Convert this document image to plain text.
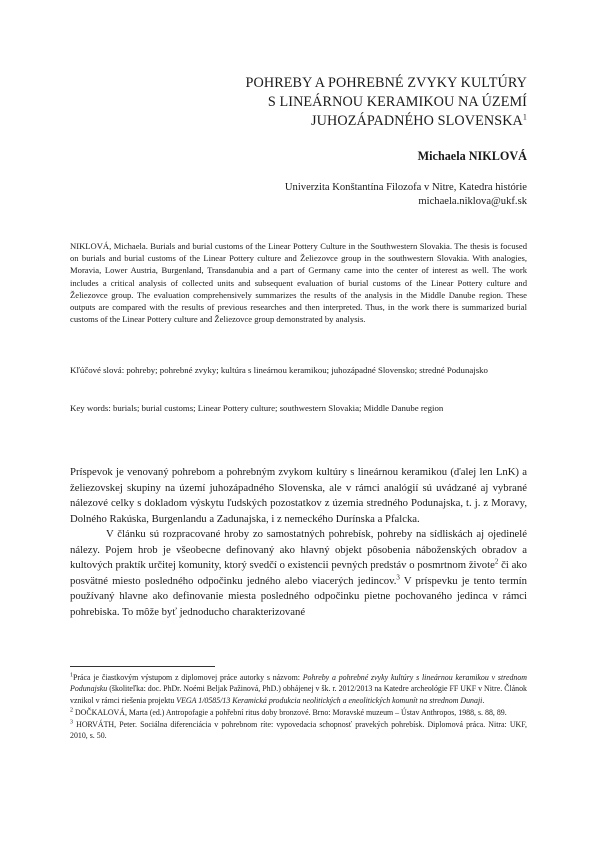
POHREBY A POHREBNÉ ZVYKY KULTÚRY
S LINEÁRNOU KERAMIKOU NA ÚZEMÍ
JUHOZÁPADNÉHO SLOVENSKA$^1$
Michaela NIKLOVÁ
Univerzita Konštantína Filozofa v Nitre, Katedra histórie
michaela.niklova@ukf.sk
NIKLOVÁ, Michaela. Burials and burial customs of the Linear Pottery Culture in the Southwestern Slovakia. The thesis is focused on burials and burial customs of the Linear Pottery culture and Želiezovce group in the southwestern Slovakia. With analogies, Moravia, Lower Austria, Burgenland, Transdanubia and a part of Germany came into the center of interest as well. The work includes a critical analysis of collected units and subsequent evaluation of burial customs of the Linear Pottery culture and Želiezovce group. The evaluation comprehensively summarizes the results of the analysis in the Middle Danube region. These outputs are compared with the results of previous researches and then interpreted. Thus, in the work there is summarized burial customs of the Linear Pottery culture and Želiezovce group demonstrated by analysis.
Kľúčové slová: pohreby; pohrebné zvyky; kultúra s lineárnou keramikou; juhozápadné Slovensko; stredné Podunajsko
Key words: burials; burial customs; Linear Pottery culture; southwestern Slovakia; Middle Danube region

Príspevok je venovaný pohrebom a pohrebným zvykom kultúry s lineárnou keramikou (ďalej len LnK) a želiezovskej skupiny na území juhozápadného Slovenska, ale v rámci analógií sú uvádzané aj vybrané nálezové celky s dokladom výskytu ľudských pozostatkov z územia stredného Podunajska, t. j. z Moravy, Dolného Rakúska, Burgenlandu a Zadunajska, i z nemeckého Durínska a Pfalcka.

V článku sú rozpracované hroby zo samostatných pohrebísk, pohreby na sídliskách aj ojedinelé nálezy. Pojem hrob je všeobecne definovaný ako hlavný objekt pôsobenia náboženských obradov a kultových praktík určitej komunity, ktorý svedčí o existencii pevných predstáv o posmrtnom živote$^2$ či ako posvätné miesto posledného odpočinku jedného alebo viacerých jedincov.$^3$ V príspevku je tento termín používaný hlavne ako definovanie miesta posledného odpočinku pietne pochovaného jedinca v rámci pohrebiska. To môže byť jednoducho charakterizované

$^1$Práca je čiastkovým výstupom z diplomovej práce autorky s názvom: Pohreby a pohrebné zvyky kultúry s lineárnou keramikou v strednom Podunajsku (školiteľka: doc. PhDr. Noémi Beljak Pažinová, PhD.) obhájenej v šk. r. 2012/2013 na Katedre archeológie FF UKF v Nitre. Článok vznikol v rámci riešenia projektu VEGA 1/0585/13 Keramická produkcia neolitických a eneolitických komunít na strednom Dunaji.

$^2$ DOČKALOVÁ, Marta (ed.) Antropofagie a pohřební ritus doby bronzové. Brno: Moravské muzeum – Ústav Anthropos, 1988, s. 88, 89.

$^3$ HORVÁTH, Peter. Sociálna diferenciácia v pohrebnom ríte: vypovedacia schopnosť pravekých pohrebísk. Diplomová práca. Nitra: UKF, 2010, s. 50.
